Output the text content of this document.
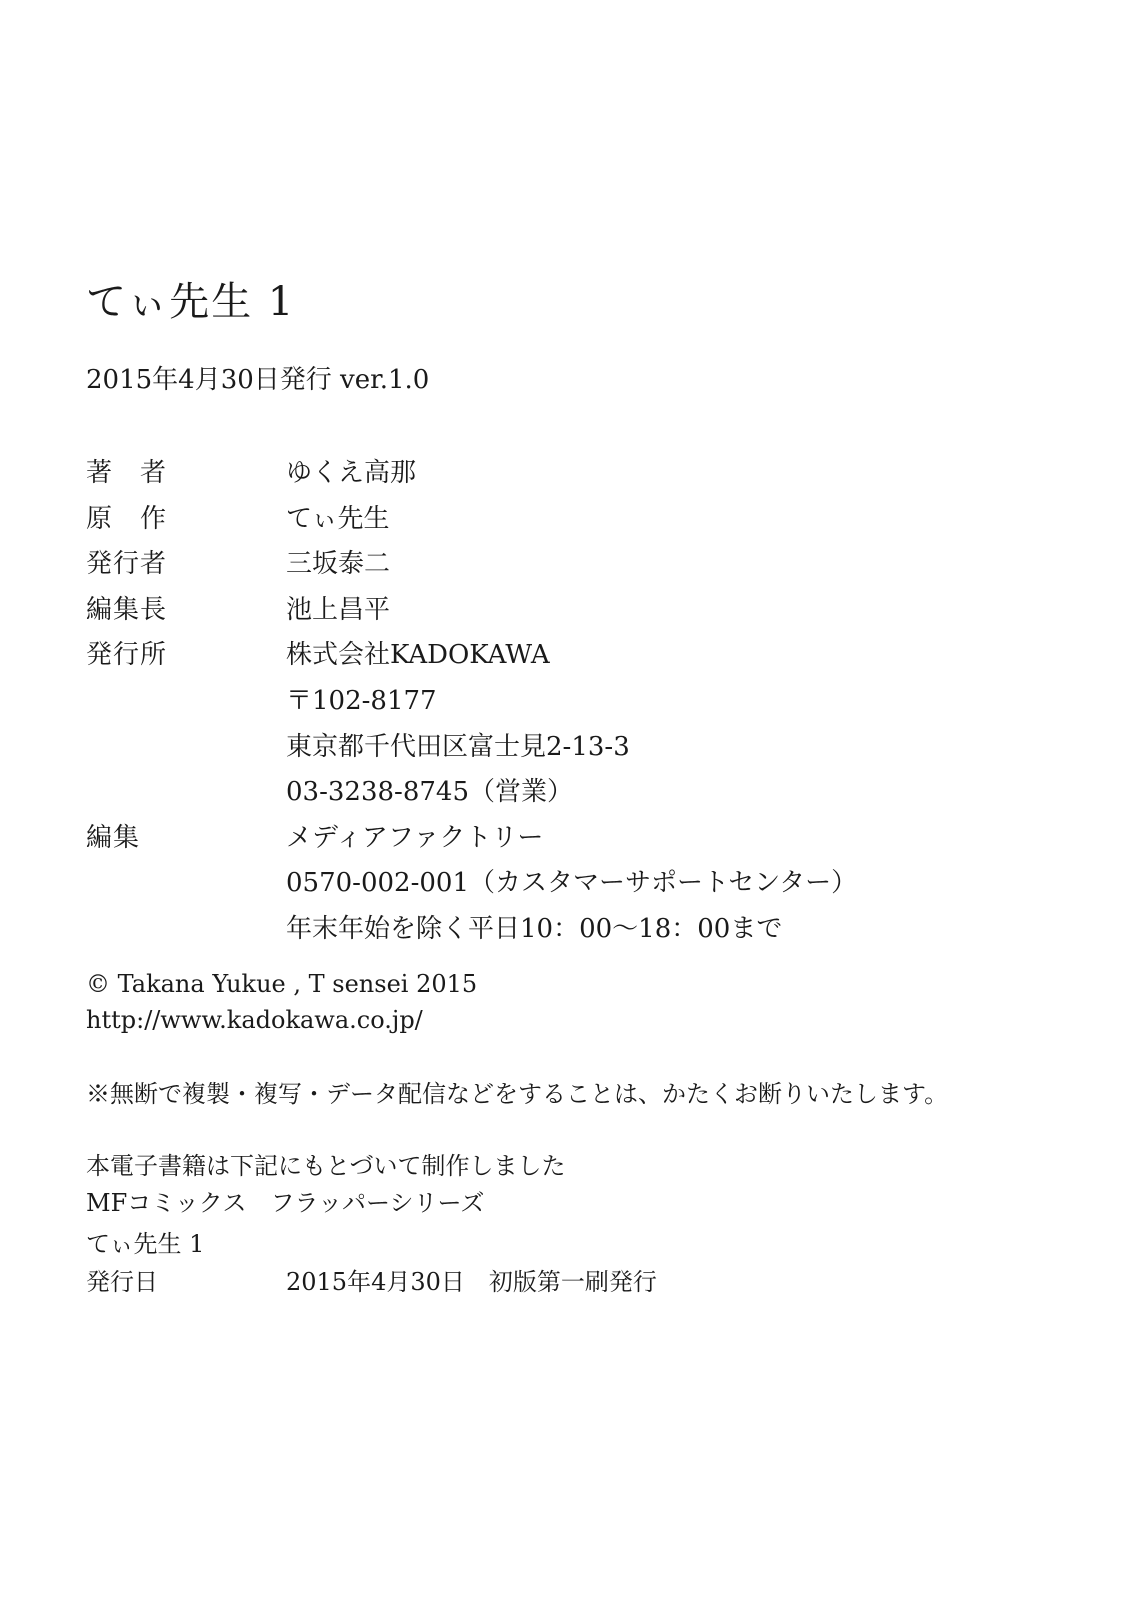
てぃ先生 1
2015年4月30日発行 ver.1.0
著　者	ゆくえ高那
原　作	てぃ先生
発行者	三坂泰二
編集長	池上昌平
発行所	株式会社KADOKAWA
〒102-8177
東京都千代田区富士見2-13-3
03-3238-8745（営業）
編集	メディアファクトリー
0570-002-001（カスタマーサポートセンター）
年末年始を除く平日10：00～18：00まで
© Takana Yukue , T sensei 2015
http://www.kadokawa.co.jp/
※無断で複製・複写・データ配信などをすることは、かたくお断りいたします。
本電子書籍は下記にもとづいて制作しました
MFコミックス　フラッパーシリーズ
てぃ先生 1
発行日	2015年4月30日　初版第一刷発行
